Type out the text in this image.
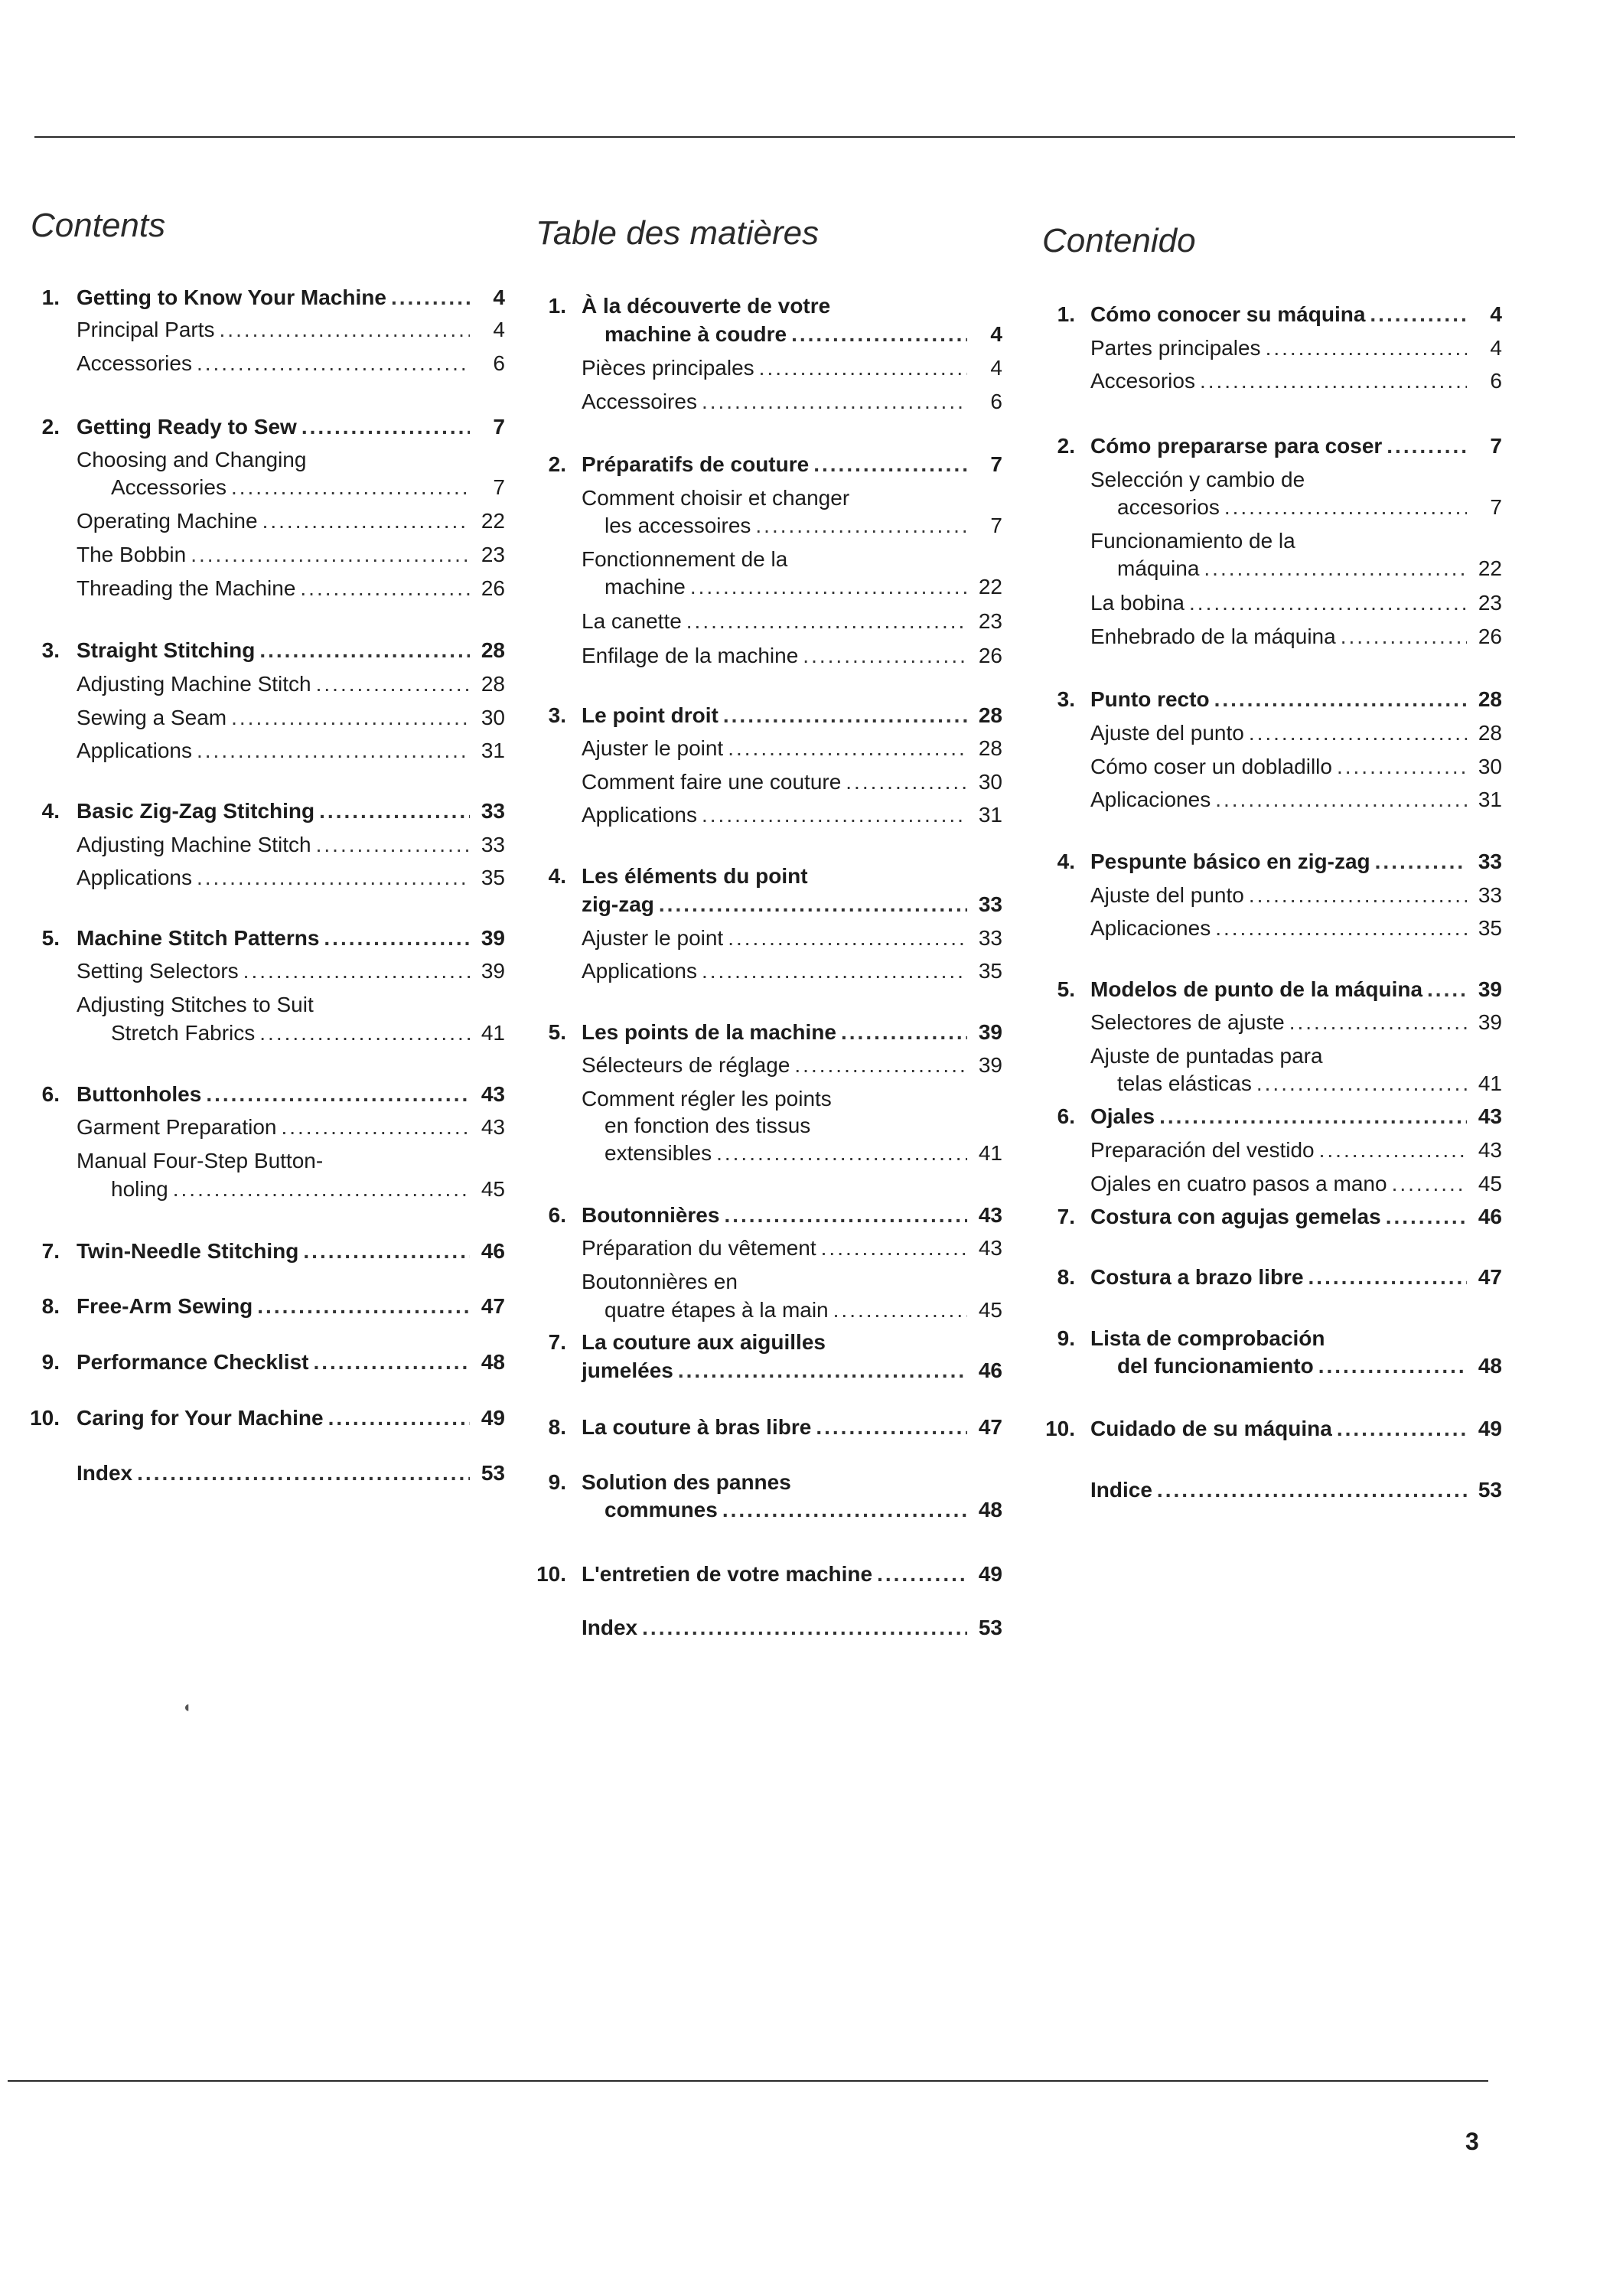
Contents
1. Getting to Know Your Machine .....	4
Principal Parts .....	4
Accessories .....	6
2. Getting Ready to Sew .....	7
Choosing and Changing
Accessories .....	7
Operating Machine .....	22
The Bobbin .....	23
Threading the Machine .....	26
3. Straight Stitching .....	28
Adjusting Machine Stitch .....	28
Sewing a Seam .....	30
Applications .....	31
4. Basic Zig-Zag Stitching .....	33
Adjusting Machine Stitch .....	33
Applications .....	35
5. Machine Stitch Patterns .....	39
Setting Selectors .....	39
Adjusting Stitches to Suit
Stretch Fabrics .....	41
6. Buttonholes .....	43
Garment Preparation .....	43
Manual Four-Step Button-
holing .....	45
7. Twin-Needle Stitching .....	46
8. Free-Arm Sewing .....	47
9. Performance Checklist .....	48
10. Caring for Your Machine .....	49
Index .....	53
Table des matières
1. À la découverte de votre
machine à coudre .....	4
Pièces principales .....	4
Accessoires .....	6
2. Préparatifs de couture .....	7
Comment choisir et changer
les accessoires .....	7
Fonctionnement de la
machine .....	22
La canette .....	23
Enfilage de la machine .....	26
3. Le point droit .....	28
Ajuster le point .....	28
Comment faire une couture .....	30
Applications .....	31
4. Les éléments du point
zig-zag .....	33
Ajuster le point .....	33
Applications .....	35
5. Les points de la machine .....	39
Sélecteurs de réglage .....	39
Comment régler les points
en fonction des tissus
extensibles .....	41
6. Boutonnières .....	43
Préparation du vêtement .....	43
Boutonnières en
quatre étapes à la main .....	45
7. La couture aux aiguilles
jumelées .....	46
8. La couture à bras libre .....	47
9. Solution des pannes
communes .....	48
10. L'entretien de votre machine .....	49
Index .....	53
Contenido
1. Cómo conocer su máquina .....	4
Partes principales .....	4
Accesorios .....	6
2. Cómo prepararse para coser .....	7
Selección y cambio de
accesorios .....	7
Funcionamiento de la
máquina .....	22
La bobina .....	23
Enhebrado de la máquina .....	26
3. Punto recto .....	28
Ajuste del punto .....	28
Cómo coser un dobladillo .....	30
Aplicaciones .....	31
4. Pespunte básico en zig-zag .....	33
Ajuste del punto .....	33
Aplicaciones .....	35
5. Modelos de punto de la máquina .....	39
Selectores de ajuste .....	39
Ajuste de puntadas para
telas elásticas .....	41
6. Ojales .....	43
Preparación del vestido .....	43
Ojales en cuatro pasos a mano .....	45
7. Costura con agujas gemelas .....	46
8. Costura a brazo libre .....	47
9. Lista de comprobación
del funcionamiento .....	48
10. Cuidado de su máquina .....	49
Indice .....	53
◖
3
